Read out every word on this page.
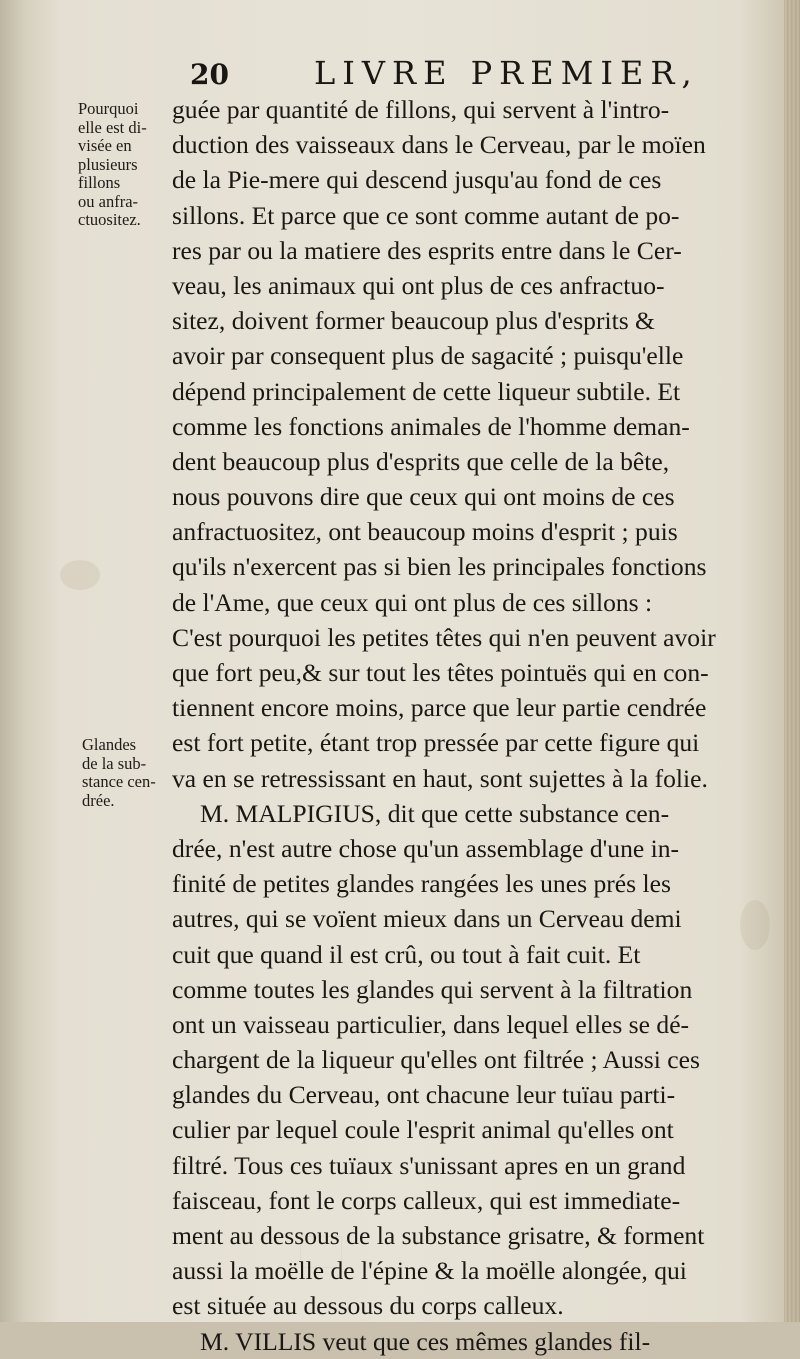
20	LIVRE PREMIER,
Pourquoi
elle est di-
visée en
plusieurs
fillons
ou anfra-
ctuositez.
Glandes
de la sub-
stance cen-
drée.
guée par quantité de fillons, qui servent à l'intro-
duction des vaisseaux dans le Cerveau, par le moïen
de la Pie-mere qui descend jusqu'au fond de ces
sillons. Et parce que ce sont comme autant de po-
res par ou la matiere des esprits entre dans le Cer-
veau, les animaux qui ont plus de ces anfractuo-
sitez, doivent former beaucoup plus d'esprits &
avoir par consequent plus de sagacité ; puisqu'elle
dépend principalement de cette liqueur subtile. Et
comme les fonctions animales de l'homme deman-
dent beaucoup plus d'esprits que celle de la bête,
nous pouvons dire que ceux qui ont moins de ces
anfractuositez, ont beaucoup moins d'esprit ; puis
qu'ils n'exercent pas si bien les principales fonctions
de l'Ame, que ceux qui ont plus de ces sillons :
C'est pourquoi les petites têtes qui n'en peuvent avoir
que fort peu,& sur tout les têtes pointuës qui en con-
tiennent encore moins, parce que leur partie cendrée
est fort petite, étant trop pressée par cette figure qui
va en se retressissant en haut, sont sujettes à la folie.
M. MALPIGIUS, dit que cette substance cen-
drée, n'est autre chose qu'un assemblage d'une in-
finité de petites glandes rangées les unes prés les
autres, qui se voïent mieux dans un Cerveau demi
cuit que quand il est crû, ou tout à fait cuit. Et
comme toutes les glandes qui servent à la filtration
ont un vaisseau particulier, dans lequel elles se dé-
chargent de la liqueur qu'elles ont filtrée ; Aussi ces
glandes du Cerveau, ont chacune leur tuïau parti-
culier par lequel coule l'esprit animal qu'elles ont
filtré. Tous ces tuïaux s'unissant apres en un grand
faisceau, font le corps calleux, qui est immediate-
ment au dessous de la substance grisatre, & forment
aussi la moëlle de l'épine & la moëlle alongée, qui
est située au dessous du corps calleux.
M. VILLIS veut que ces mêmes glandes fil-
